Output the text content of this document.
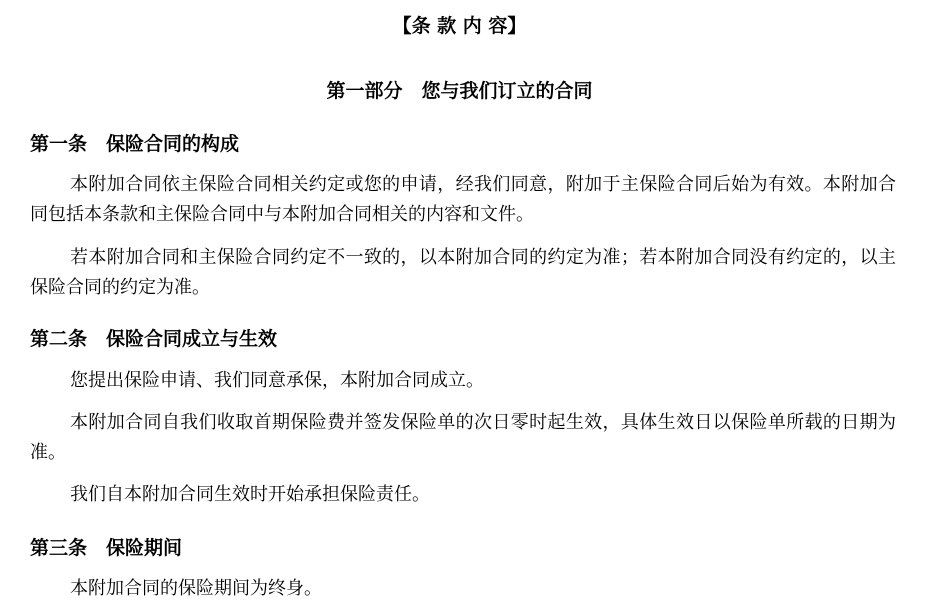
【条 款 内 容】
第一部分　您与我们订立的合同
第一条　保险合同的构成

本附加合同依主保险合同相关约定或您的申请，经我们同意，附加于主保险合同后始为有效。本附加合同包括本条款和主保险合同中与本附加合同相关的内容和文件。

若本附加合同和主保险合同约定不一致的，以本附加合同的约定为准；若本附加合同没有约定的，以主保险合同的约定为准。

第二条　保险合同成立与生效

您提出保险申请、我们同意承保，本附加合同成立。

本附加合同自我们收取首期保险费并签发保险单的次日零时起生效，具体生效日以保险单所载的日期为准。

我们自本附加合同生效时开始承担保险责任。

第三条　保险期间

本附加合同的保险期间为终身。
